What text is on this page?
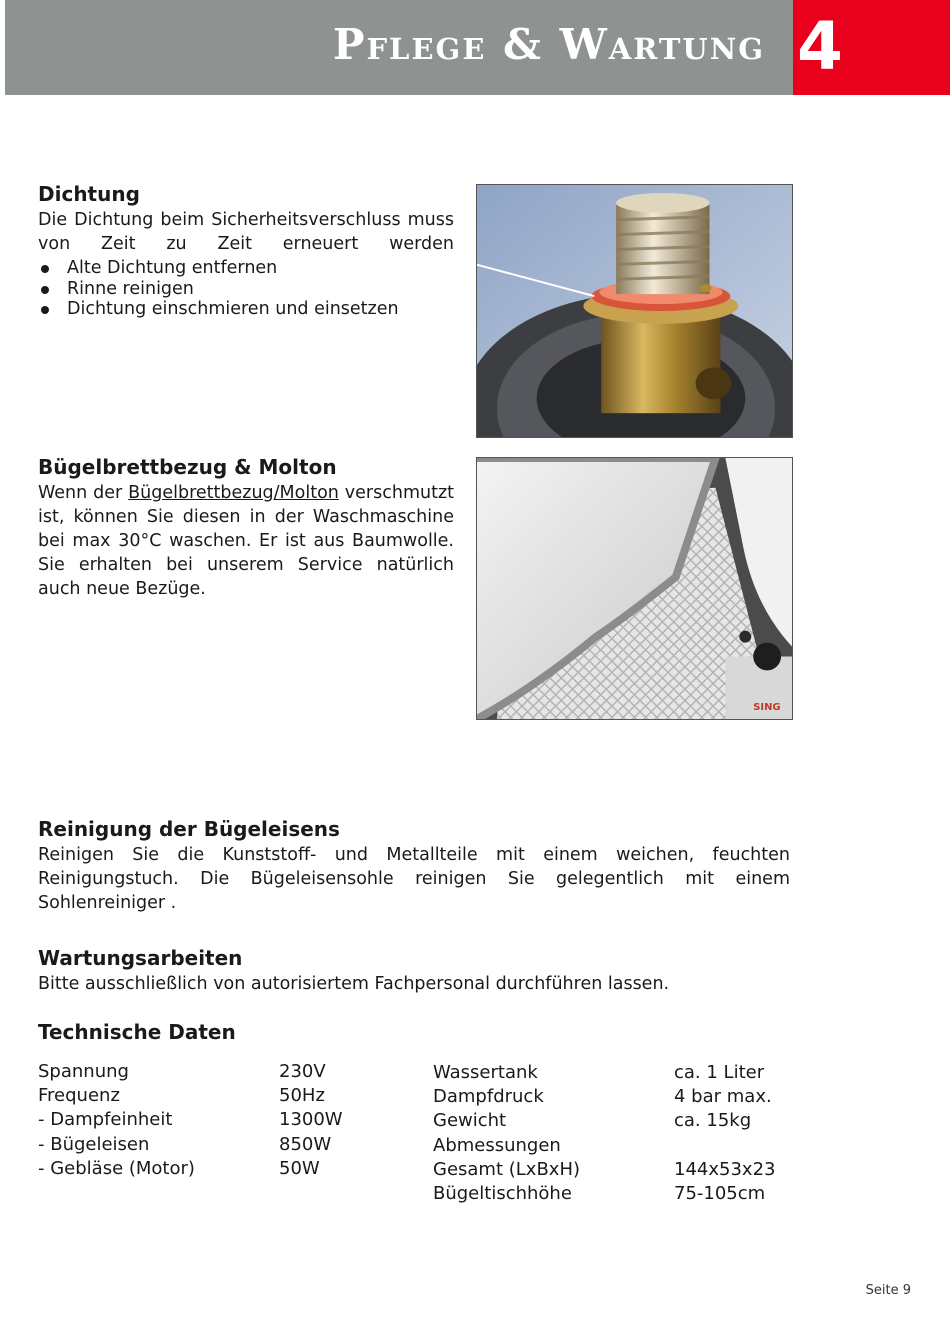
Pflege & Wartung 4
Dichtung

Die Dichtung beim Sicherheitsverschluss muss von Zeit zu Zeit erneuert werden

Alte Dichtung entfernen
Rinne reinigen
Dichtung einschmieren und einsetzen
Bügelbrettbezug & Molton

Wenn der Bügelbrettbezug/Molton verschmutzt ist, können Sie diesen in der Waschmaschine bei max 30°C waschen. Er ist aus Baumwolle. Sie erhalten bei unserem Service natürlich auch neue Bezüge.

SING
Reinigung der Bügeleisens

Reinigen Sie die Kunststoff- und Metallteile mit einem weichen, feuchten Reinigungstuch. Die Bügeleisensohle reinigen Sie gelegentlich mit einem Sohlenreiniger .

Wartungsarbeiten

Bitte ausschließlich von autorisiertem Fachpersonal durchführen lassen.

Technische Daten
Spannung
Frequenz
- Dampfeinheit
- Bügeleisen
- Gebläse (Motor)
230V
50Hz
1300W
850W
50W
Wassertank
Dampfdruck
Gewicht
Abmessungen
Gesamt (LxBxH)
Bügeltischhöhe
ca. 1 Liter
4 bar max.
ca. 15kg
144x53x23
75-105cm
Seite 9
